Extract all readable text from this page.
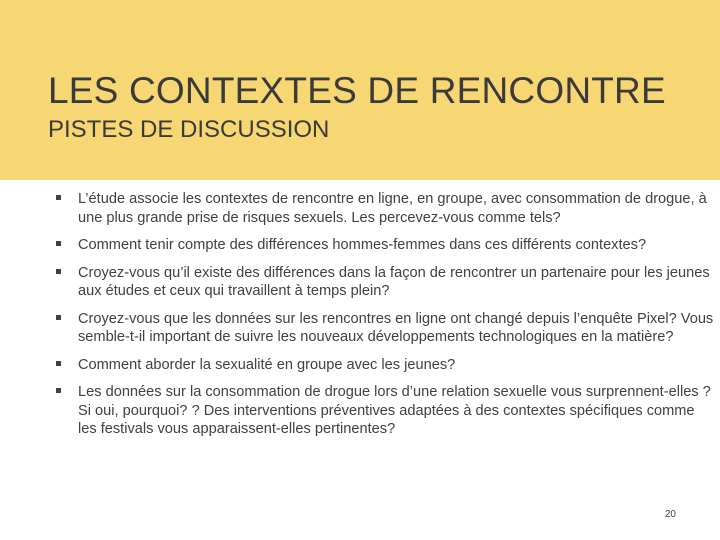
LES CONTEXTES DE RENCONTRE
PISTES DE DISCUSSION
L’étude associe les contextes de rencontre en ligne, en groupe, avec consommation de drogue, à une plus grande prise de risques sexuels. Les percevez-vous comme tels?
Comment tenir compte des différences hommes-femmes dans ces différents contextes?
Croyez-vous qu’il existe des différences dans la façon de rencontrer un partenaire pour les jeunes aux études et ceux qui travaillent à temps plein?
Croyez-vous que les données sur les rencontres en ligne ont changé depuis l’enquête Pixel? Vous semble-t-il important de suivre les nouveaux développements technologiques en la matière?
Comment aborder la sexualité en groupe avec les jeunes?
Les données sur la consommation de drogue lors d’une relation sexuelle vous surprennent-elles ? Si oui, pourquoi? ? Des interventions préventives adaptées à des contextes spécifiques comme les festivals vous apparaissent-elles pertinentes?
20
